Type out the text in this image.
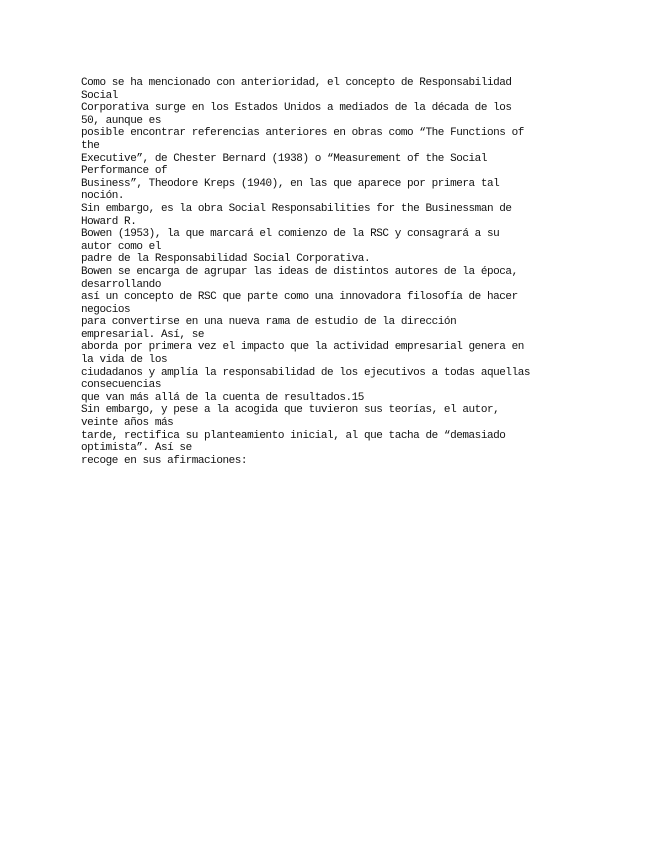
Como se ha mencionado con anterioridad, el concepto de Responsabilidad
Social
Corporativa surge en los Estados Unidos a mediados de la década de los
50, aunque es
posible encontrar referencias anteriores en obras como “The Functions of
the
Executive”, de Chester Bernard (1938) o “Measurement of the Social
Performance of
Business”, Theodore Kreps (1940), en las que aparece por primera tal
noción.
Sin embargo, es la obra Social Responsabilities for the Businessman de
Howard R.
Bowen (1953), la que marcará el comienzo de la RSC y consagrará a su
autor como el
padre de la Responsabilidad Social Corporativa.
Bowen se encarga de agrupar las ideas de distintos autores de la época,
desarrollando
así un concepto de RSC que parte como una innovadora filosofía de hacer
negocios
para convertirse en una nueva rama de estudio de la dirección
empresarial. Así, se
aborda por primera vez el impacto que la actividad empresarial genera en
la vida de los
ciudadanos y amplía la responsabilidad de los ejecutivos a todas aquellas
consecuencias
que van más allá de la cuenta de resultados.15
Sin embargo, y pese a la acogida que tuvieron sus teorías, el autor,
veinte años más
tarde, rectifica su planteamiento inicial, al que tacha de “demasiado
optimista”. Así se
recoge en sus afirmaciones:
